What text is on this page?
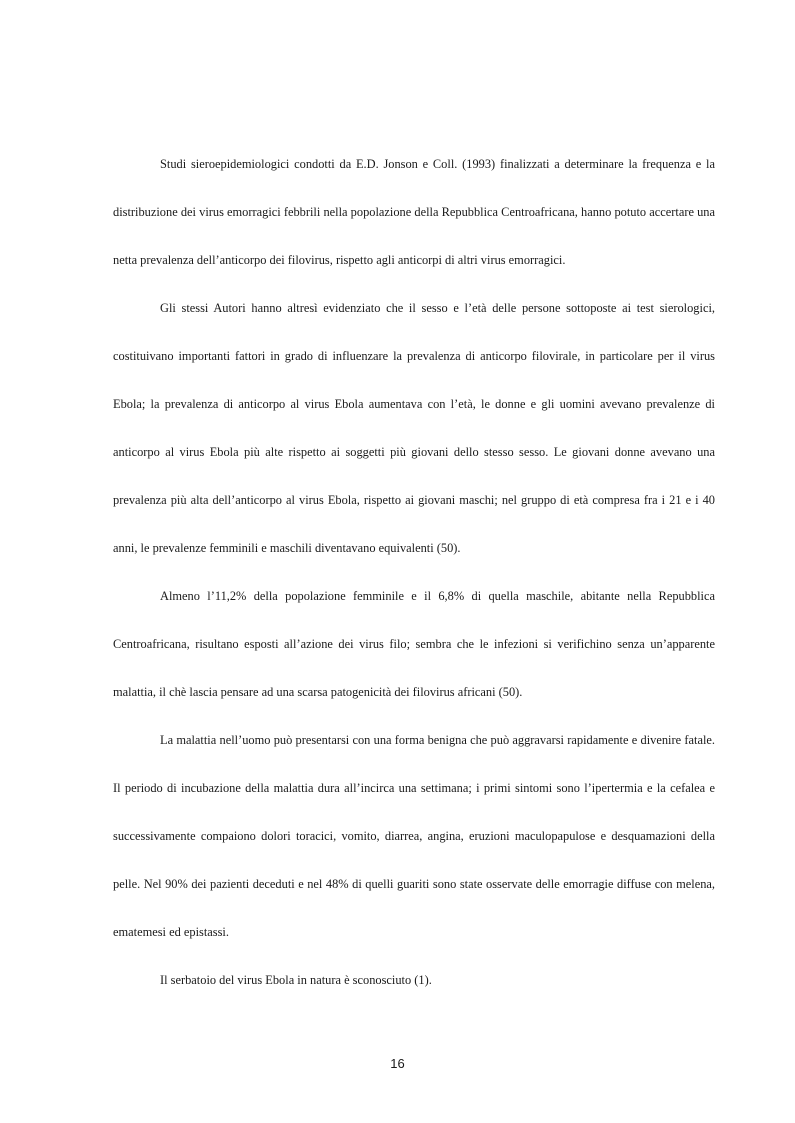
Studi sieroepidemiologici condotti da E.D. Jonson e Coll. (1993) finalizzati a determinare la frequenza e la distribuzione dei virus emorragici febbrili nella popolazione della Repubblica Centroafricana, hanno potuto accertare una netta prevalenza dell’anticorpo dei filovirus, rispetto agli anticorpi di altri virus emorragici.

Gli stessi Autori hanno altresì evidenziato che il sesso e l’età delle persone sottoposte ai test sierologici, costituivano importanti fattori in grado di influenzare la prevalenza di anticorpo filovirale, in particolare per il virus Ebola; la prevalenza di anticorpo al virus Ebola aumentava con l’età, le donne e gli uomini avevano prevalenze di anticorpo al virus Ebola più alte rispetto ai soggetti più giovani dello stesso sesso. Le giovani donne avevano una prevalenza più alta dell’anticorpo al virus Ebola, rispetto ai giovani maschi; nel gruppo di età compresa fra i 21 e i 40 anni, le prevalenze femminili e maschili diventavano equivalenti (50).

Almeno l’11,2% della popolazione femminile e il 6,8% di quella maschile, abitante nella Repubblica Centroafricana, risultano esposti all’azione dei virus filo; sembra che le infezioni si verifichino senza un’apparente malattia, il chè lascia pensare ad una scarsa patogenicità dei filovirus africani (50).

La malattia nell’uomo può presentarsi con una forma benigna che può aggravarsi rapidamente e divenire fatale. Il periodo di incubazione della malattia dura all’incirca una settimana; i primi sintomi sono l’ipertermia e la cefalea e successivamente compaiono dolori toracici, vomito, diarrea, angina, eruzioni maculopapulose e desquamazioni della pelle. Nel 90% dei pazienti deceduti e nel 48% di quelli guariti sono state osservate delle emorragie diffuse con melena, ematemesi ed epistassi.

Il serbatoio del virus Ebola in natura è sconosciuto (1).

16
